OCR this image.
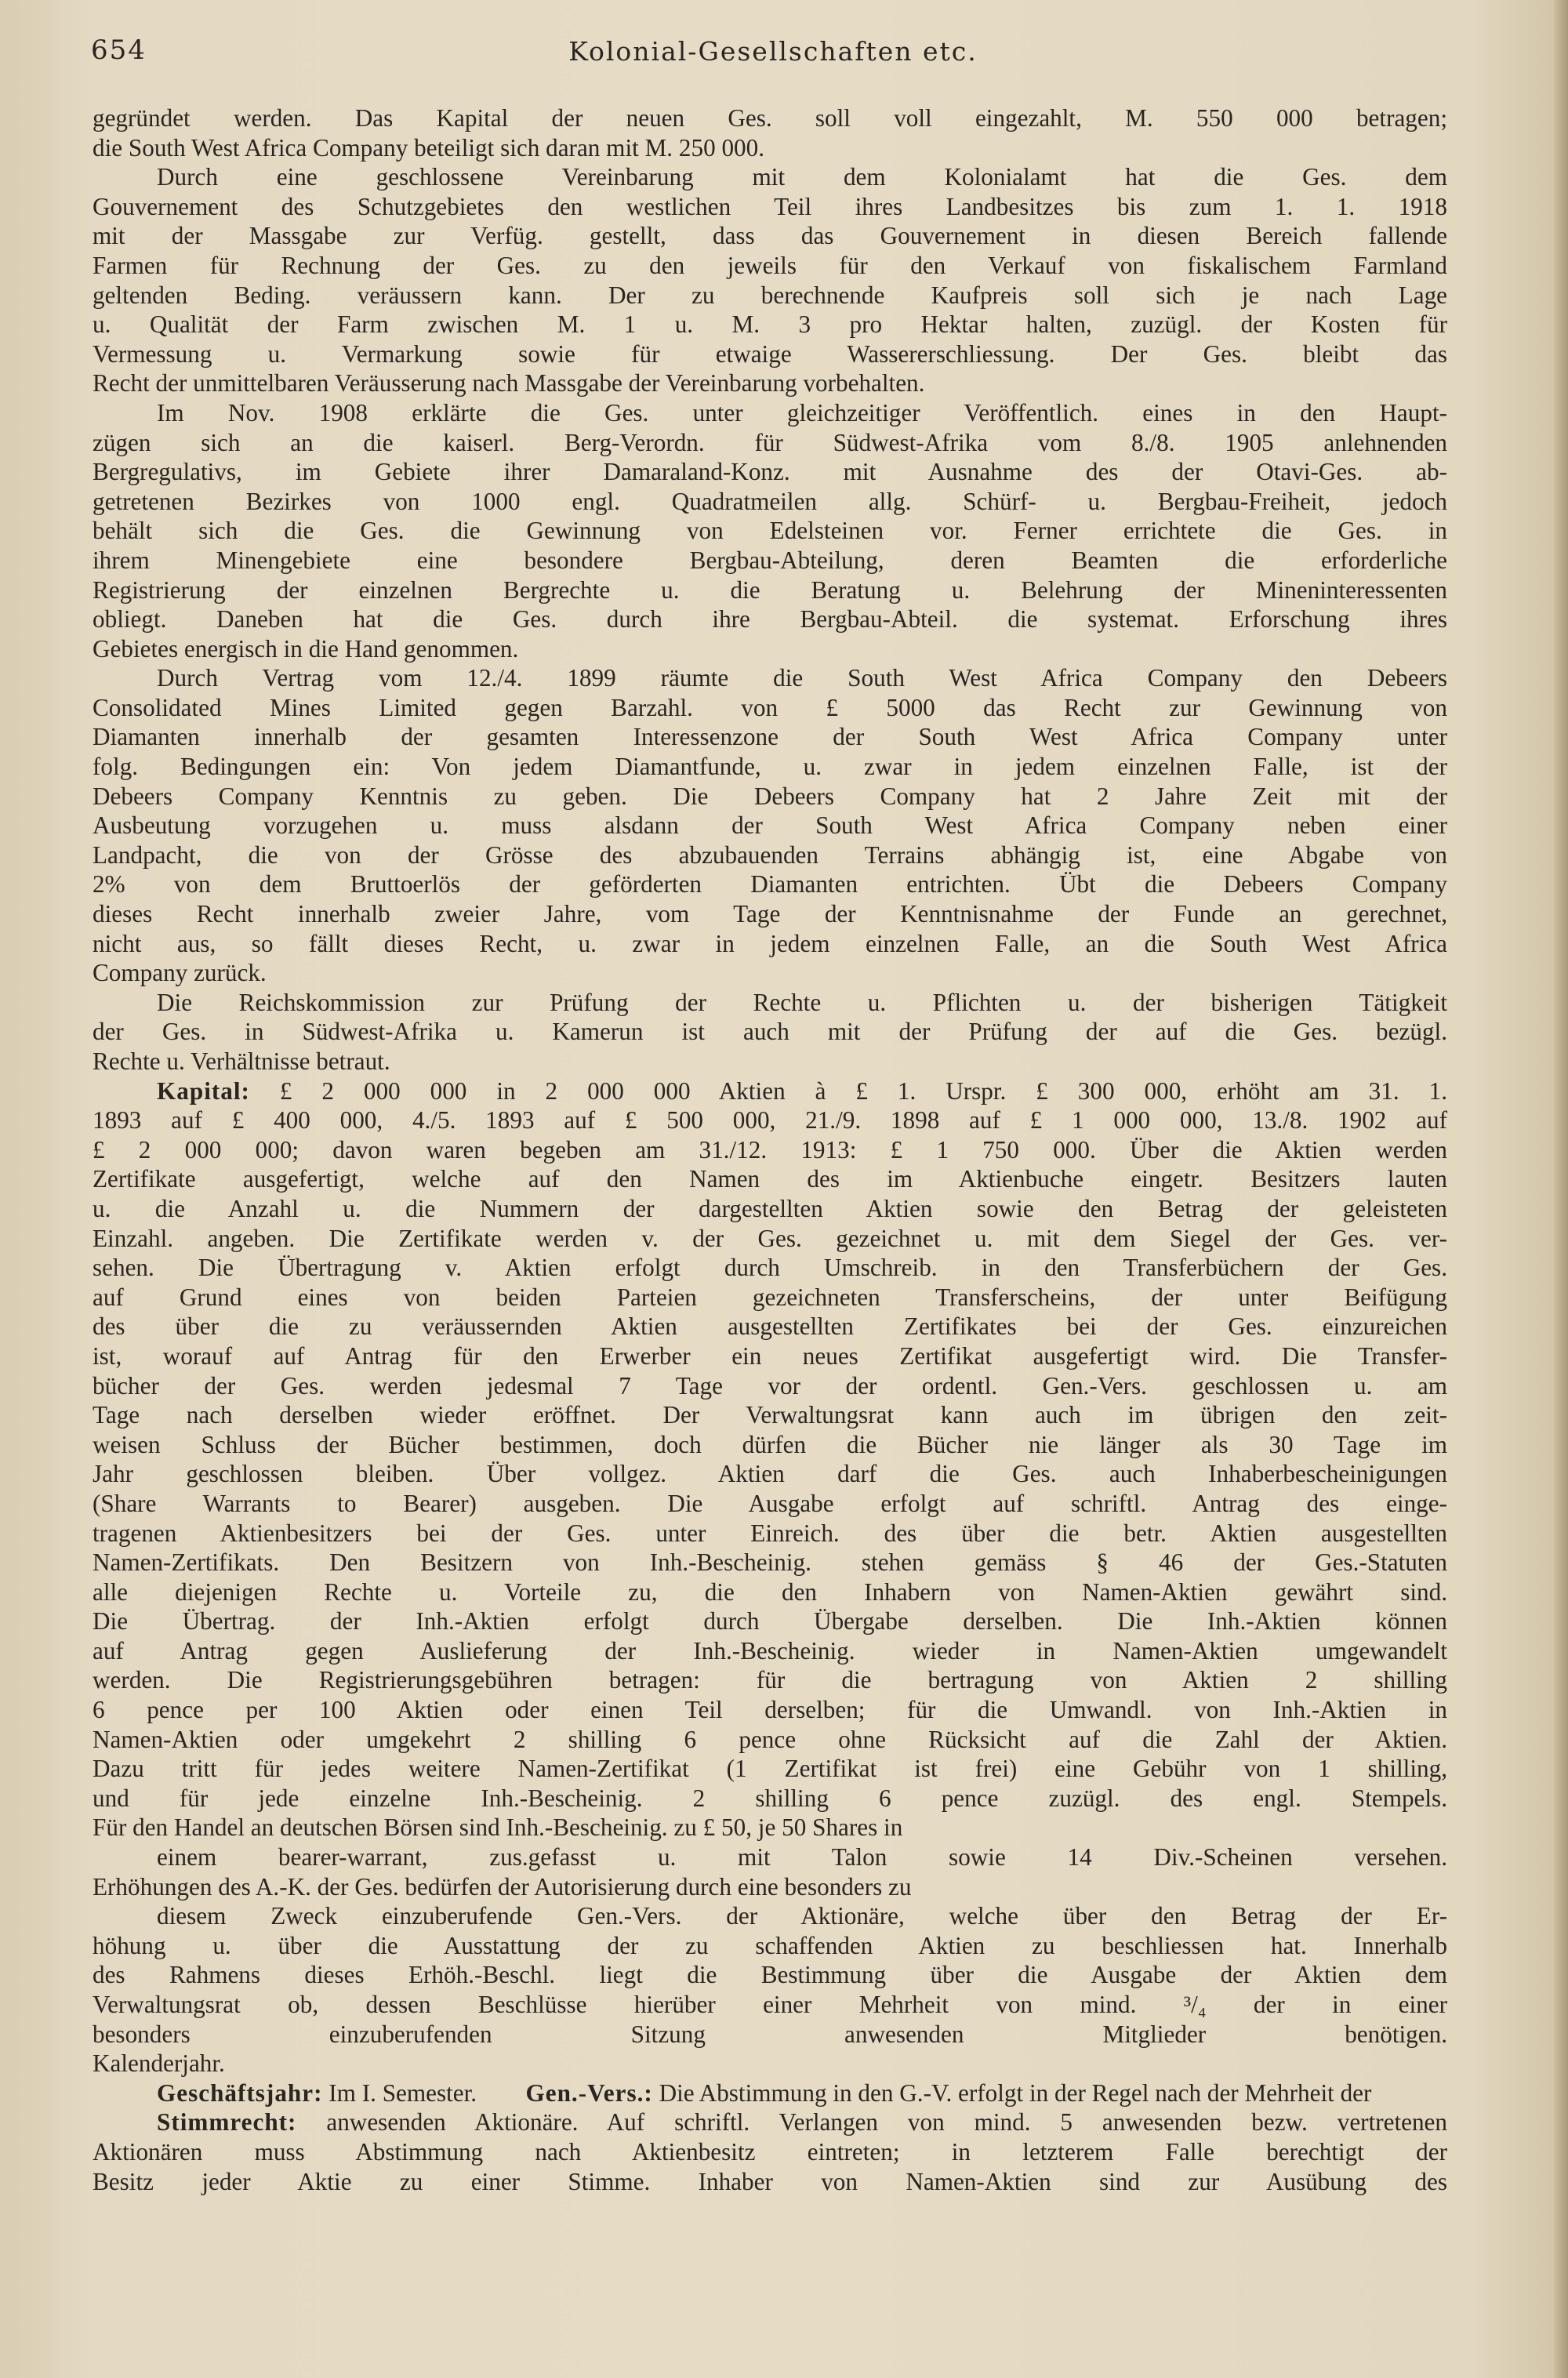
654	Kolonial-Gesellschaften etc.
gegründet werden. Das Kapital der neuen Ges. soll voll eingezahlt, M. 550 000 betragen;
die South West Africa Company beteiligt sich daran mit M. 250 000.
Durch eine geschlossene Vereinbarung mit dem Kolonialamt hat die Ges. dem
Gouvernement des Schutzgebietes den westlichen Teil ihres Landbesitzes bis zum 1. 1. 1918
mit der Massgabe zur Verfüg. gestellt, dass das Gouvernement in diesen Bereich fallende
Farmen für Rechnung der Ges. zu den jeweils für den Verkauf von fiskalischem Farmland
geltenden Beding. veräussern kann. Der zu berechnende Kaufpreis soll sich je nach Lage
u. Qualität der Farm zwischen M. 1 u. M. 3 pro Hektar halten, zuzügl. der Kosten für
Vermessung u. Vermarkung sowie für etwaige Wassererschliessung. Der Ges. bleibt das
Recht der unmittelbaren Veräusserung nach Massgabe der Vereinbarung vorbehalten.
Im Nov. 1908 erklärte die Ges. unter gleichzeitiger Veröffentlich. eines in den Haupt-
zügen sich an die kaiserl. Berg-Verordn. für Südwest-Afrika vom 8./8. 1905 anlehnenden
Bergregulativs, im Gebiete ihrer Damaraland-Konz. mit Ausnahme des der Otavi-Ges. ab-
getretenen Bezirkes von 1000 engl. Quadratmeilen allg. Schürf- u. Bergbau-Freiheit, jedoch
behält sich die Ges. die Gewinnung von Edelsteinen vor. Ferner errichtete die Ges. in
ihrem Minengebiete eine besondere Bergbau-Abteilung, deren Beamten die erforderliche
Registrierung der einzelnen Bergrechte u. die Beratung u. Belehrung der Mineninteressenten
obliegt. Daneben hat die Ges. durch ihre Bergbau-Abteil. die systemat. Erforschung ihres
Gebietes energisch in die Hand genommen.
Durch Vertrag vom 12./4. 1899 räumte die South West Africa Company den Debeers
Consolidated Mines Limited gegen Barzahl. von £ 5000 das Recht zur Gewinnung von
Diamanten innerhalb der gesamten Interessenzone der South West Africa Company unter
folg. Bedingungen ein: Von jedem Diamantfunde, u. zwar in jedem einzelnen Falle, ist der
Debeers Company Kenntnis zu geben. Die Debeers Company hat 2 Jahre Zeit mit der
Ausbeutung vorzugehen u. muss alsdann der South West Africa Company neben einer
Landpacht, die von der Grösse des abzubauenden Terrains abhängig ist, eine Abgabe von
2% von dem Bruttoerlös der geförderten Diamanten entrichten. Übt die Debeers Company
dieses Recht innerhalb zweier Jahre, vom Tage der Kenntnisnahme der Funde an gerechnet,
nicht aus, so fällt dieses Recht, u. zwar in jedem einzelnen Falle, an die South West Africa
Company zurück.
Die Reichskommission zur Prüfung der Rechte u. Pflichten u. der bisherigen Tätigkeit
der Ges. in Südwest-Afrika u. Kamerun ist auch mit der Prüfung der auf die Ges. bezügl.
Rechte u. Verhältnisse betraut.
Kapital: £ 2 000 000 in 2 000 000 Aktien à £ 1. Urspr. £ 300 000, erhöht am 31. 1.
1893 auf £ 400 000, 4./5. 1893 auf £ 500 000, 21./9. 1898 auf £ 1 000 000, 13./8. 1902 auf
£ 2 000 000; davon waren begeben am 31./12. 1913: £ 1 750 000. Über die Aktien werden
Zertifikate ausgefertigt, welche auf den Namen des im Aktienbuche eingetr. Besitzers lauten
u. die Anzahl u. die Nummern der dargestellten Aktien sowie den Betrag der geleisteten
Einzahl. angeben. Die Zertifikate werden v. der Ges. gezeichnet u. mit dem Siegel der Ges. ver-
sehen. Die Übertragung v. Aktien erfolgt durch Umschreib. in den Transferbüchern der Ges.
auf Grund eines von beiden Parteien gezeichneten Transferscheins, der unter Beifügung
des über die zu veräussernden Aktien ausgestellten Zertifikates bei der Ges. einzureichen
ist, worauf auf Antrag für den Erwerber ein neues Zertifikat ausgefertigt wird. Die Transfer-
bücher der Ges. werden jedesmal 7 Tage vor der ordentl. Gen.-Vers. geschlossen u. am
Tage nach derselben wieder eröffnet. Der Verwaltungsrat kann auch im übrigen den zeit-
weisen Schluss der Bücher bestimmen, doch dürfen die Bücher nie länger als 30 Tage im
Jahr geschlossen bleiben. Über vollgez. Aktien darf die Ges. auch Inhaberbescheinigungen
(Share Warrants to Bearer) ausgeben. Die Ausgabe erfolgt auf schriftl. Antrag des einge-
tragenen Aktienbesitzers bei der Ges. unter Einreich. des über die betr. Aktien ausgestellten
Namen-Zertifikats. Den Besitzern von Inh.-Bescheinig. stehen gemäss § 46 der Ges.-Statuten
alle diejenigen Rechte u. Vorteile zu, die den Inhabern von Namen-Aktien gewährt sind.
Die Übertrag. der Inh.-Aktien erfolgt durch Übergabe derselben. Die Inh.-Aktien können
auf Antrag gegen Auslieferung der Inh.-Bescheinig. wieder in Namen-Aktien umgewandelt
werden. Die Registrierungsgebühren betragen: für die bertragung von Aktien 2 shilling
6 pence per 100 Aktien oder einen Teil derselben; für die Umwandl. von Inh.-Aktien in
Namen-Aktien oder umgekehrt 2 shilling 6 pence ohne Rücksicht auf die Zahl der Aktien.
Dazu tritt für jedes weitere Namen-Zertifikat (1 Zertifikat ist frei) eine Gebühr von 1 shilling,
und für jede einzelne Inh.-Bescheinig. 2 shilling 6 pence zuzügl. des engl. Stempels.
Für den Handel an deutschen Börsen sind Inh.-Bescheinig. zu £ 50, je 50 Shares in
einem bearer-warrant, zus.gefasst u. mit Talon sowie 14 Div.-Scheinen versehen.
Erhöhungen des A.-K. der Ges. bedürfen der Autorisierung durch eine besonders zu
diesem Zweck einzuberufende Gen.-Vers. der Aktionäre, welche über den Betrag der Er-
höhung u. über die Ausstattung der zu schaffenden Aktien zu beschliessen hat. Innerhalb
des Rahmens dieses Erhöh.-Beschl. liegt die Bestimmung über die Ausgabe der Aktien dem
Verwaltungsrat ob, dessen Beschlüsse hierüber einer Mehrheit von mind. ³/₄ der in einer
besonders einzuberufenden Sitzung anwesenden Mitglieder benötigen.
Kalenderjahr.
Geschäftsjahr: Im I. Semester. Gen.-Vers.: Die Abstimmung in den G.-V. erfolgt in der Regel nach der Mehrheit der
Stimmrecht: anwesenden Aktionäre. Auf schriftl. Verlangen von mind. 5 anwesenden bezw. vertretenen
Aktionären muss Abstimmung nach Aktienbesitz eintreten; in letzterem Falle berechtigt der
Besitz jeder Aktie zu einer Stimme. Inhaber von Namen-Aktien sind zur Ausübung des
